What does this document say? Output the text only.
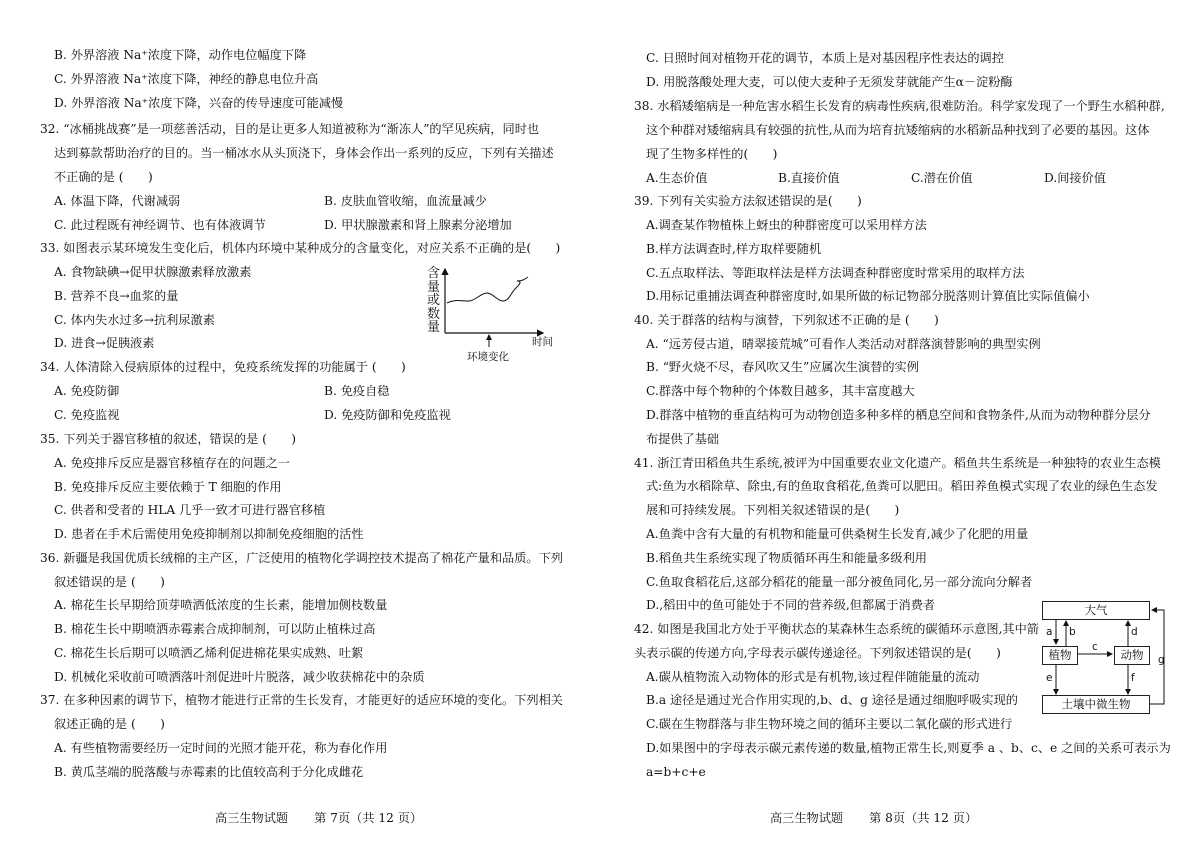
B. 外界溶液 Na⁺浓度下降，动作电位幅度下降
C. 外界溶液 Na⁺浓度下降，神经的静息电位升高
D. 外界溶液 Na⁺浓度下降，兴奋的传导速度可能减慢
32. “冰桶挑战赛”是一项慈善活动，目的是让更多人知道被称为“渐冻人”的罕见疾病，同时也
达到募款帮助治疗的目的。当一桶冰水从头顶浇下，身体会作出一系列的反应，下列有关描述
不正确的是 (　　)
A. 体温下降，代谢减弱	B. 皮肤血管收缩，血流量减少
C. 此过程既有神经调节、也有体液调节	D. 甲状腺激素和肾上腺素分泌增加
33. 如图表示某环境发生变化后，机体内环境中某种成分的含量变化，对应关系不正确的是(　　)
A. 食物缺碘→促甲状腺激素释放激素
B. 营养不良→血浆的量
C. 体内失水过多→抗利尿激素
D. 进食→促胰液素
含量或数量
时间
环境变化
34. 人体清除入侵病原体的过程中，免疫系统发挥的功能属于 (　　)
A. 免疫防御	B. 免疫自稳
C. 免疫监视	D. 免疫防御和免疫监视
35. 下列关于器官移植的叙述，错误的是 (　　)
A. 免疫排斥反应是器官移植存在的问题之一
B. 免疫排斥反应主要依赖于 T 细胞的作用
C. 供者和受者的 HLA 几乎一致才可进行器官移植
D. 患者在手术后需使用免疫抑制剂以抑制免疫细胞的活性
36. 新疆是我国优质长绒棉的主产区，广泛使用的植物化学调控技术提高了棉花产量和品质。下列
叙述错误的是 (　　)
A. 棉花生长早期给顶芽喷洒低浓度的生长素，能增加侧枝数量
B. 棉花生长中期喷洒赤霉素合成抑制剂，可以防止植株过高
C. 棉花生长后期可以喷洒乙烯利促进棉花果实成熟、吐絮
D. 机械化采收前可喷洒落叶剂促进叶片脱落，减少收获棉花中的杂质
37. 在多种因素的调节下，植物才能进行正常的生长发育，才能更好的适应环境的变化。下列相关
叙述正确的是 (　　)
A. 有些植物需要经历一定时间的光照才能开花，称为春化作用
B. 黄瓜茎端的脱落酸与赤霉素的比值较高利于分化成雌花
高三生物试题 第 7页（共 12 页）
C. 日照时间对植物开花的调节，本质上是对基因程序性表达的调控
D. 用脱落酸处理大麦，可以使大麦种子无须发芽就能产生α－淀粉酶
38. 水稻矮缩病是一种危害水稻生长发育的病毒性疾病,很难防治。科学家发现了一个野生水稻种群,
这个种群对矮缩病具有较强的抗性,从而为培育抗矮缩病的水稻新品种找到了必要的基因。这体
现了生物多样性的(　　)
A.生态价值	B.直接价值	C.潜在价值	D.间接价值
39. 下列有关实验方法叙述错误的是(　　)
A.调查某作物植株上蚜虫的种群密度可以采用样方法
B.样方法调查时,样方取样要随机
C.五点取样法、等距取样法是样方法调查种群密度时常采用的取样方法
D.用标记重捕法调查种群密度时,如果所做的标记物部分脱落则计算值比实际值偏小
40. 关于群落的结构与演替，下列叙述不正确的是 (　　)
A. “远芳侵古道，晴翠接荒城”可看作人类活动对群落演替影响的典型实例
B. “野火烧不尽，春风吹又生”应属次生演替的实例
C.群落中每个物种的个体数目越多，其丰富度越大
D.群落中植物的垂直结构可为动物创造多种多样的栖息空间和食物条件,从而为动物种群分层分
布提供了基础
41. 浙江青田稻鱼共生系统,被评为中国重要农业文化遗产。稻鱼共生系统是一种独特的农业生态模
式:鱼为水稻除草、除虫,有的鱼取食稻花,鱼粪可以肥田。稻田养鱼模式实现了农业的绿色生态发
展和可持续发展。下列相关叙述错误的是(　　)
A.鱼粪中含有大量的有机物和能量可供桑树生长发育,减少了化肥的用量
B.稻鱼共生系统实现了物质循环再生和能量多级利用
C.鱼取食稻花后,这部分稻花的能量一部分被鱼同化,另一部分流向分解者
D.,稻田中的鱼可能处于不同的营养级,但都属于消费者
42. 如图是我国北方处于平衡状态的某森林生态系统的碳循环示意图,其中箭
头表示碳的传递方向,字母表示碳传递途径。下列叙述错误的是(　　)
A.碳从植物流入动物体的形式是有机物,该过程伴随能量的流动
B.a 途径是通过光合作用实现的,b、d、g 途径是通过细胞呼吸实现的
C.碳在生物群落与非生物环境之间的循环主要以二氧化碳的形式进行
D.如果图中的字母表示碳元素传递的数量,植物正常生长,则夏季 a 、b、c、e 之间的关系可表示为
a=b+c+e
高三生物试题 第 8页（共 12 页）
大气
植物	动物
土壤中微生物
a b
c
d
e	f
g
